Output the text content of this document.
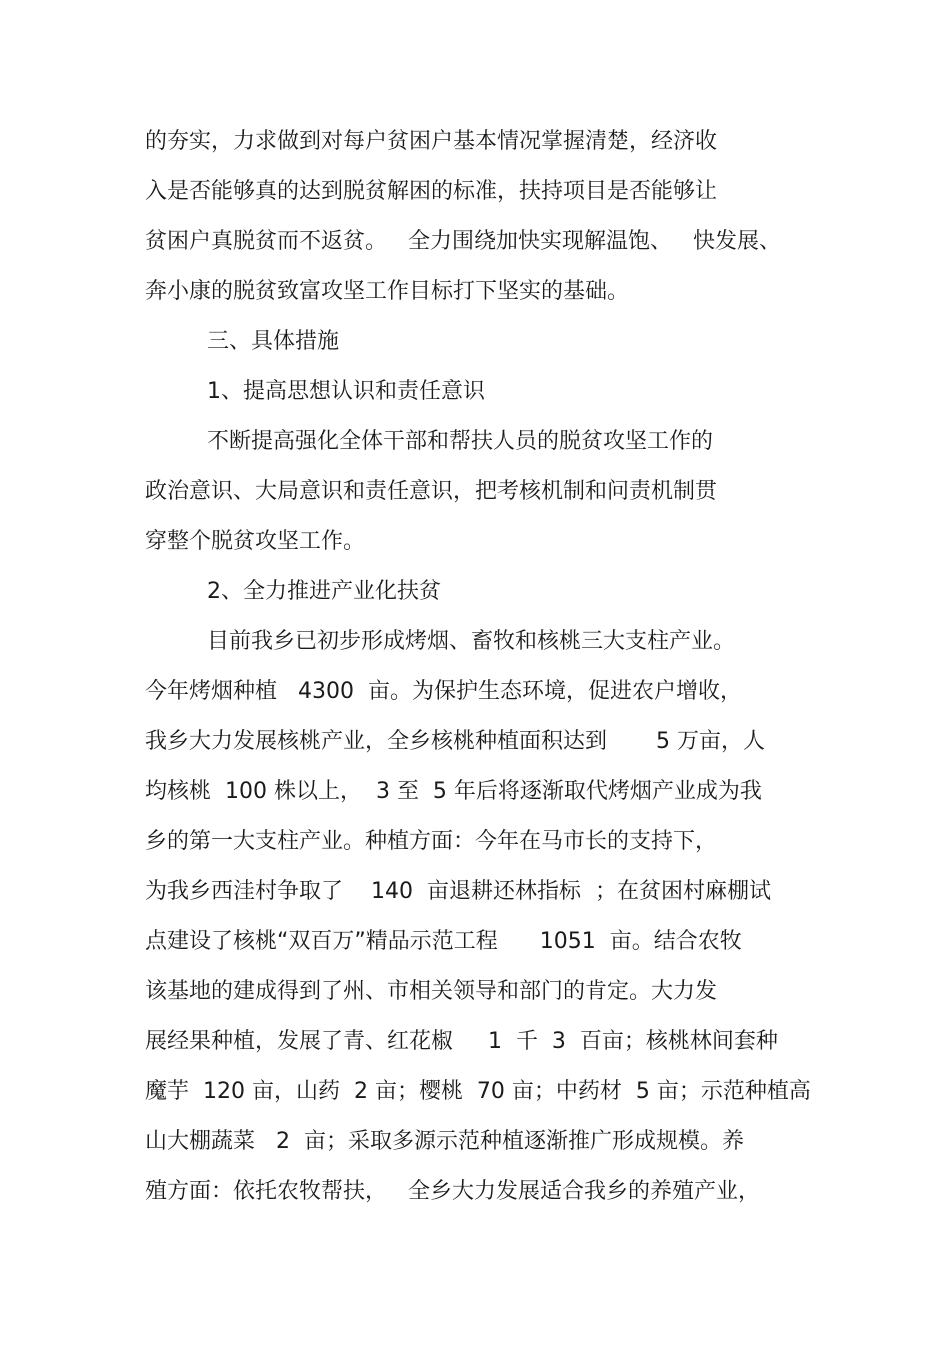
的夯实，力求做到对每户贫困户基本情况掌握清楚，经济收
入是否能够真的达到脱贫解困的标准，扶持项目是否能够让
贫困户真脱贫而不返贫。   全力围绕加快实现解温饱、   快发展、
奔小康的脱贫致富攻坚工作目标打下坚实的基础。
三、具体措施
1、提高思想认识和责任意识
不断提高强化全体干部和帮扶人员的脱贫攻坚工作的
政治意识、大局意识和责任意识，把考核机制和问责机制贯
穿整个脱贫攻坚工作。
2、全力推进产业化扶贫
目前我乡已初步形成烤烟、畜牧和核桃三大支柱产业。
今年烤烟种植   4300  亩。为保护生态环境，促进农户增收，
我乡大力发展核桃产业，全乡核桃种植面积达到       5 万亩，人
均核桃  100 株以上，  3 至  5 年后将逐渐取代烤烟产业成为我
乡的第一大支柱产业。种植方面：今年在马市长的支持下，
为我乡西洼村争取了    140  亩退耕还林指标  ；在贫困村麻棚试
点建设了核桃“双百万”精品示范工程      1051  亩。结合农牧
该基地的建成得到了州、市相关领导和部门的肯定。大力发
展经果种植，发展了青、红花椒     1  千  3  百亩；核桃林间套种
魔芋  120 亩，山药  2 亩；樱桃  70 亩；中药材  5 亩；示范种植高
山大棚蔬菜   2  亩；采取多源示范种植逐渐推广形成规模。养
殖方面：依托农牧帮扶，   全乡大力发展适合我乡的养殖产业，
